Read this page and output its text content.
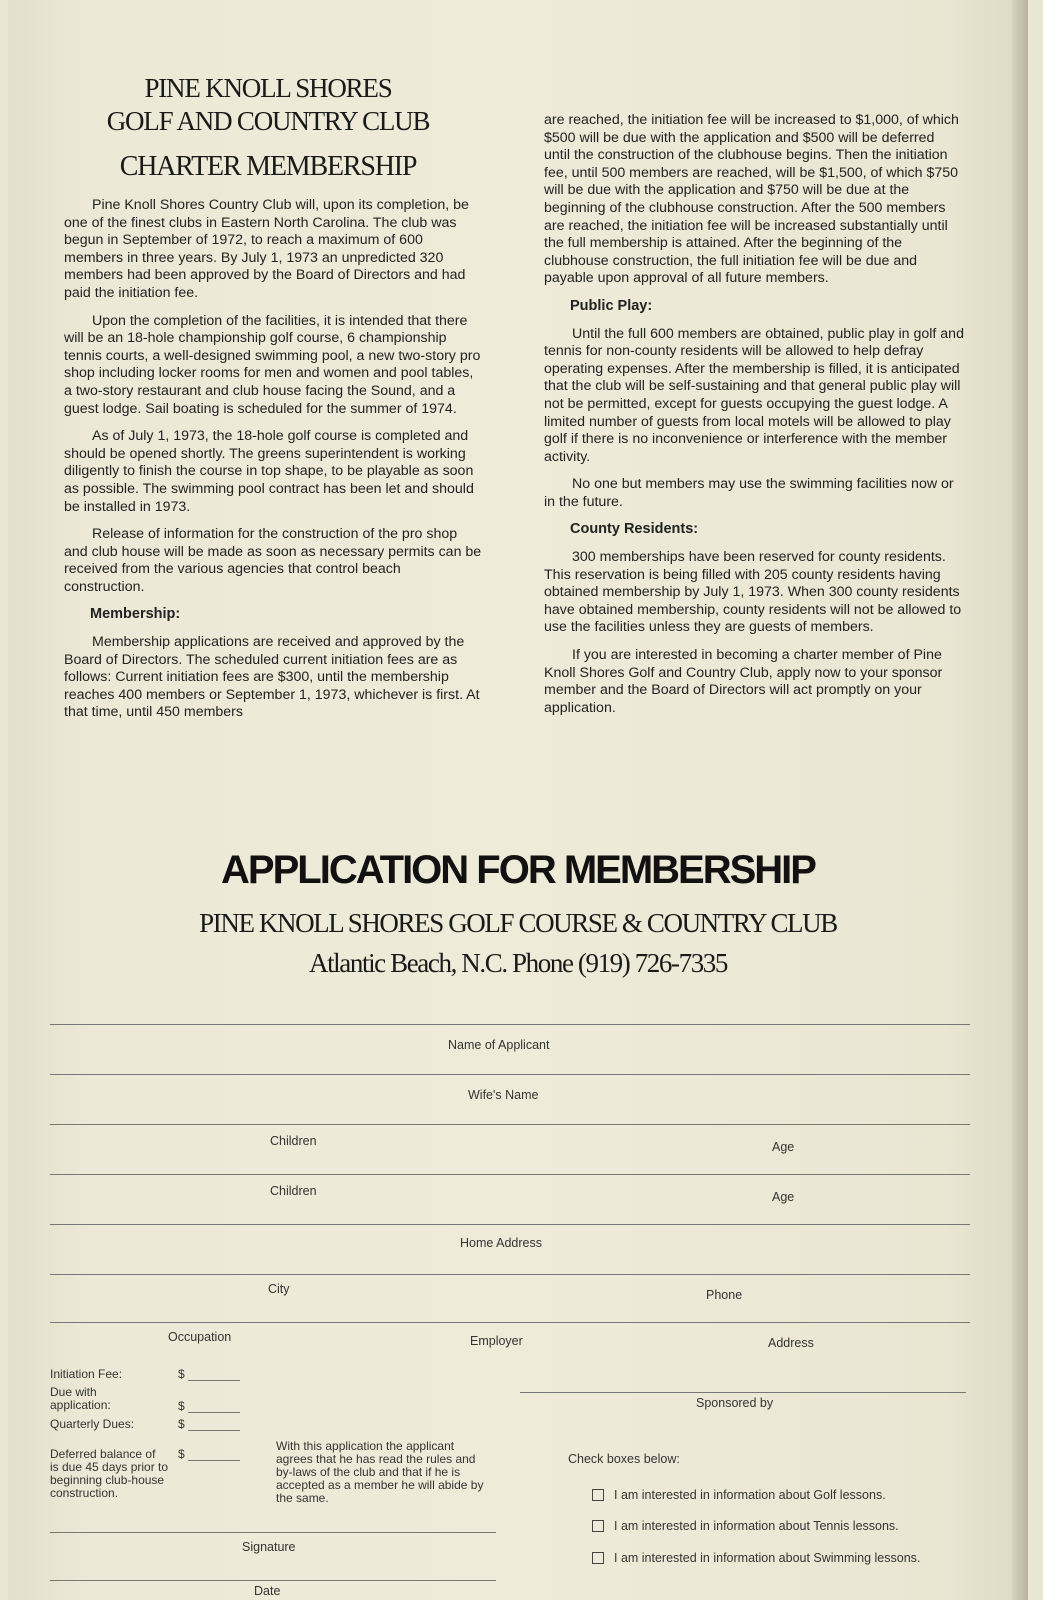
PINE KNOLL SHORES
GOLF AND COUNTRY CLUB
CHARTER MEMBERSHIP

Pine Knoll Shores Country Club will, upon its completion, be one of the finest clubs in Eastern North Carolina. The club was begun in September of 1972, to reach a maximum of 600 members in three years. By July 1, 1973 an unpredicted 320 members had been approved by the Board of Directors and had paid the initiation fee.

Upon the completion of the facilities, it is intended that there will be an 18-hole championship golf course, 6 championship tennis courts, a well-designed swimming pool, a new two-story pro shop including locker rooms for men and women and pool tables, a two-story restaurant and club house facing the Sound, and a guest lodge. Sail boating is scheduled for the summer of 1974.

As of July 1, 1973, the 18-hole golf course is completed and should be opened shortly. The greens superintendent is working diligently to finish the course in top shape, to be playable as soon as possible. The swimming pool contract has been let and should be installed in 1973.

Release of information for the construction of the pro shop and club house will be made as soon as necessary permits can be received from the various agencies that control beach construction.

Membership:

Membership applications are received and approved by the Board of Directors. The scheduled current initiation fees are as follows: Current initiation fees are $300, until the membership reaches 400 members or September 1, 1973, whichever is first. At that time, until 450 members

are reached, the initiation fee will be increased to $1,000, of which $500 will be due with the application and $500 will be deferred until the construction of the clubhouse begins. Then the initiation fee, until 500 members are reached, will be $1,500, of which $750 will be due with the application and $750 will be due at the beginning of the clubhouse construction. After the 500 members are reached, the initiation fee will be increased substantially until the full membership is attained. After the beginning of the clubhouse construction, the full initiation fee will be due and payable upon approval of all future members.

Public Play:

Until the full 600 members are obtained, public play in golf and tennis for non-county residents will be allowed to help defray operating expenses. After the membership is filled, it is anticipated that the club will be self-sustaining and that general public play will not be permitted, except for guests occupying the guest lodge. A limited number of guests from local motels will be allowed to play golf if there is no inconvenience or interference with the member activity.

No one but members may use the swimming facilities now or in the future.

County Residents:

300 memberships have been reserved for county residents. This reservation is being filled with 205 county residents having obtained membership by July 1, 1973. When 300 county residents have obtained membership, county residents will not be allowed to use the facilities unless they are guests of members.

If you are interested in becoming a charter member of Pine Knoll Shores Golf and Country Club, apply now to your sponsor member and the Board of Directors will act promptly on your application.

APPLICATION FOR MEMBERSHIP
PINE KNOLL SHORES GOLF COURSE & COUNTRY CLUB
Atlantic Beach, N.C. Phone (919) 726-7335
Name of Applicant
Wife's Name
Children	Age
Children	Age
Home Address
City	Phone
Occupation	Employer	Address
Initiation Fee:	$
Due with application:	$
Quarterly Dues:	$
Deferred balance of $
is due 45 days prior to beginning club-house construction.
With this application the applicant agrees that he has read the rules and by-laws of the club and that if he is accepted as a member he will abide by the same.
Sponsored by
Check boxes below:
I am interested in information about Golf lessons.
I am interested in information about Tennis lessons.
I am interested in information about Swimming lessons.
Signature
Date
